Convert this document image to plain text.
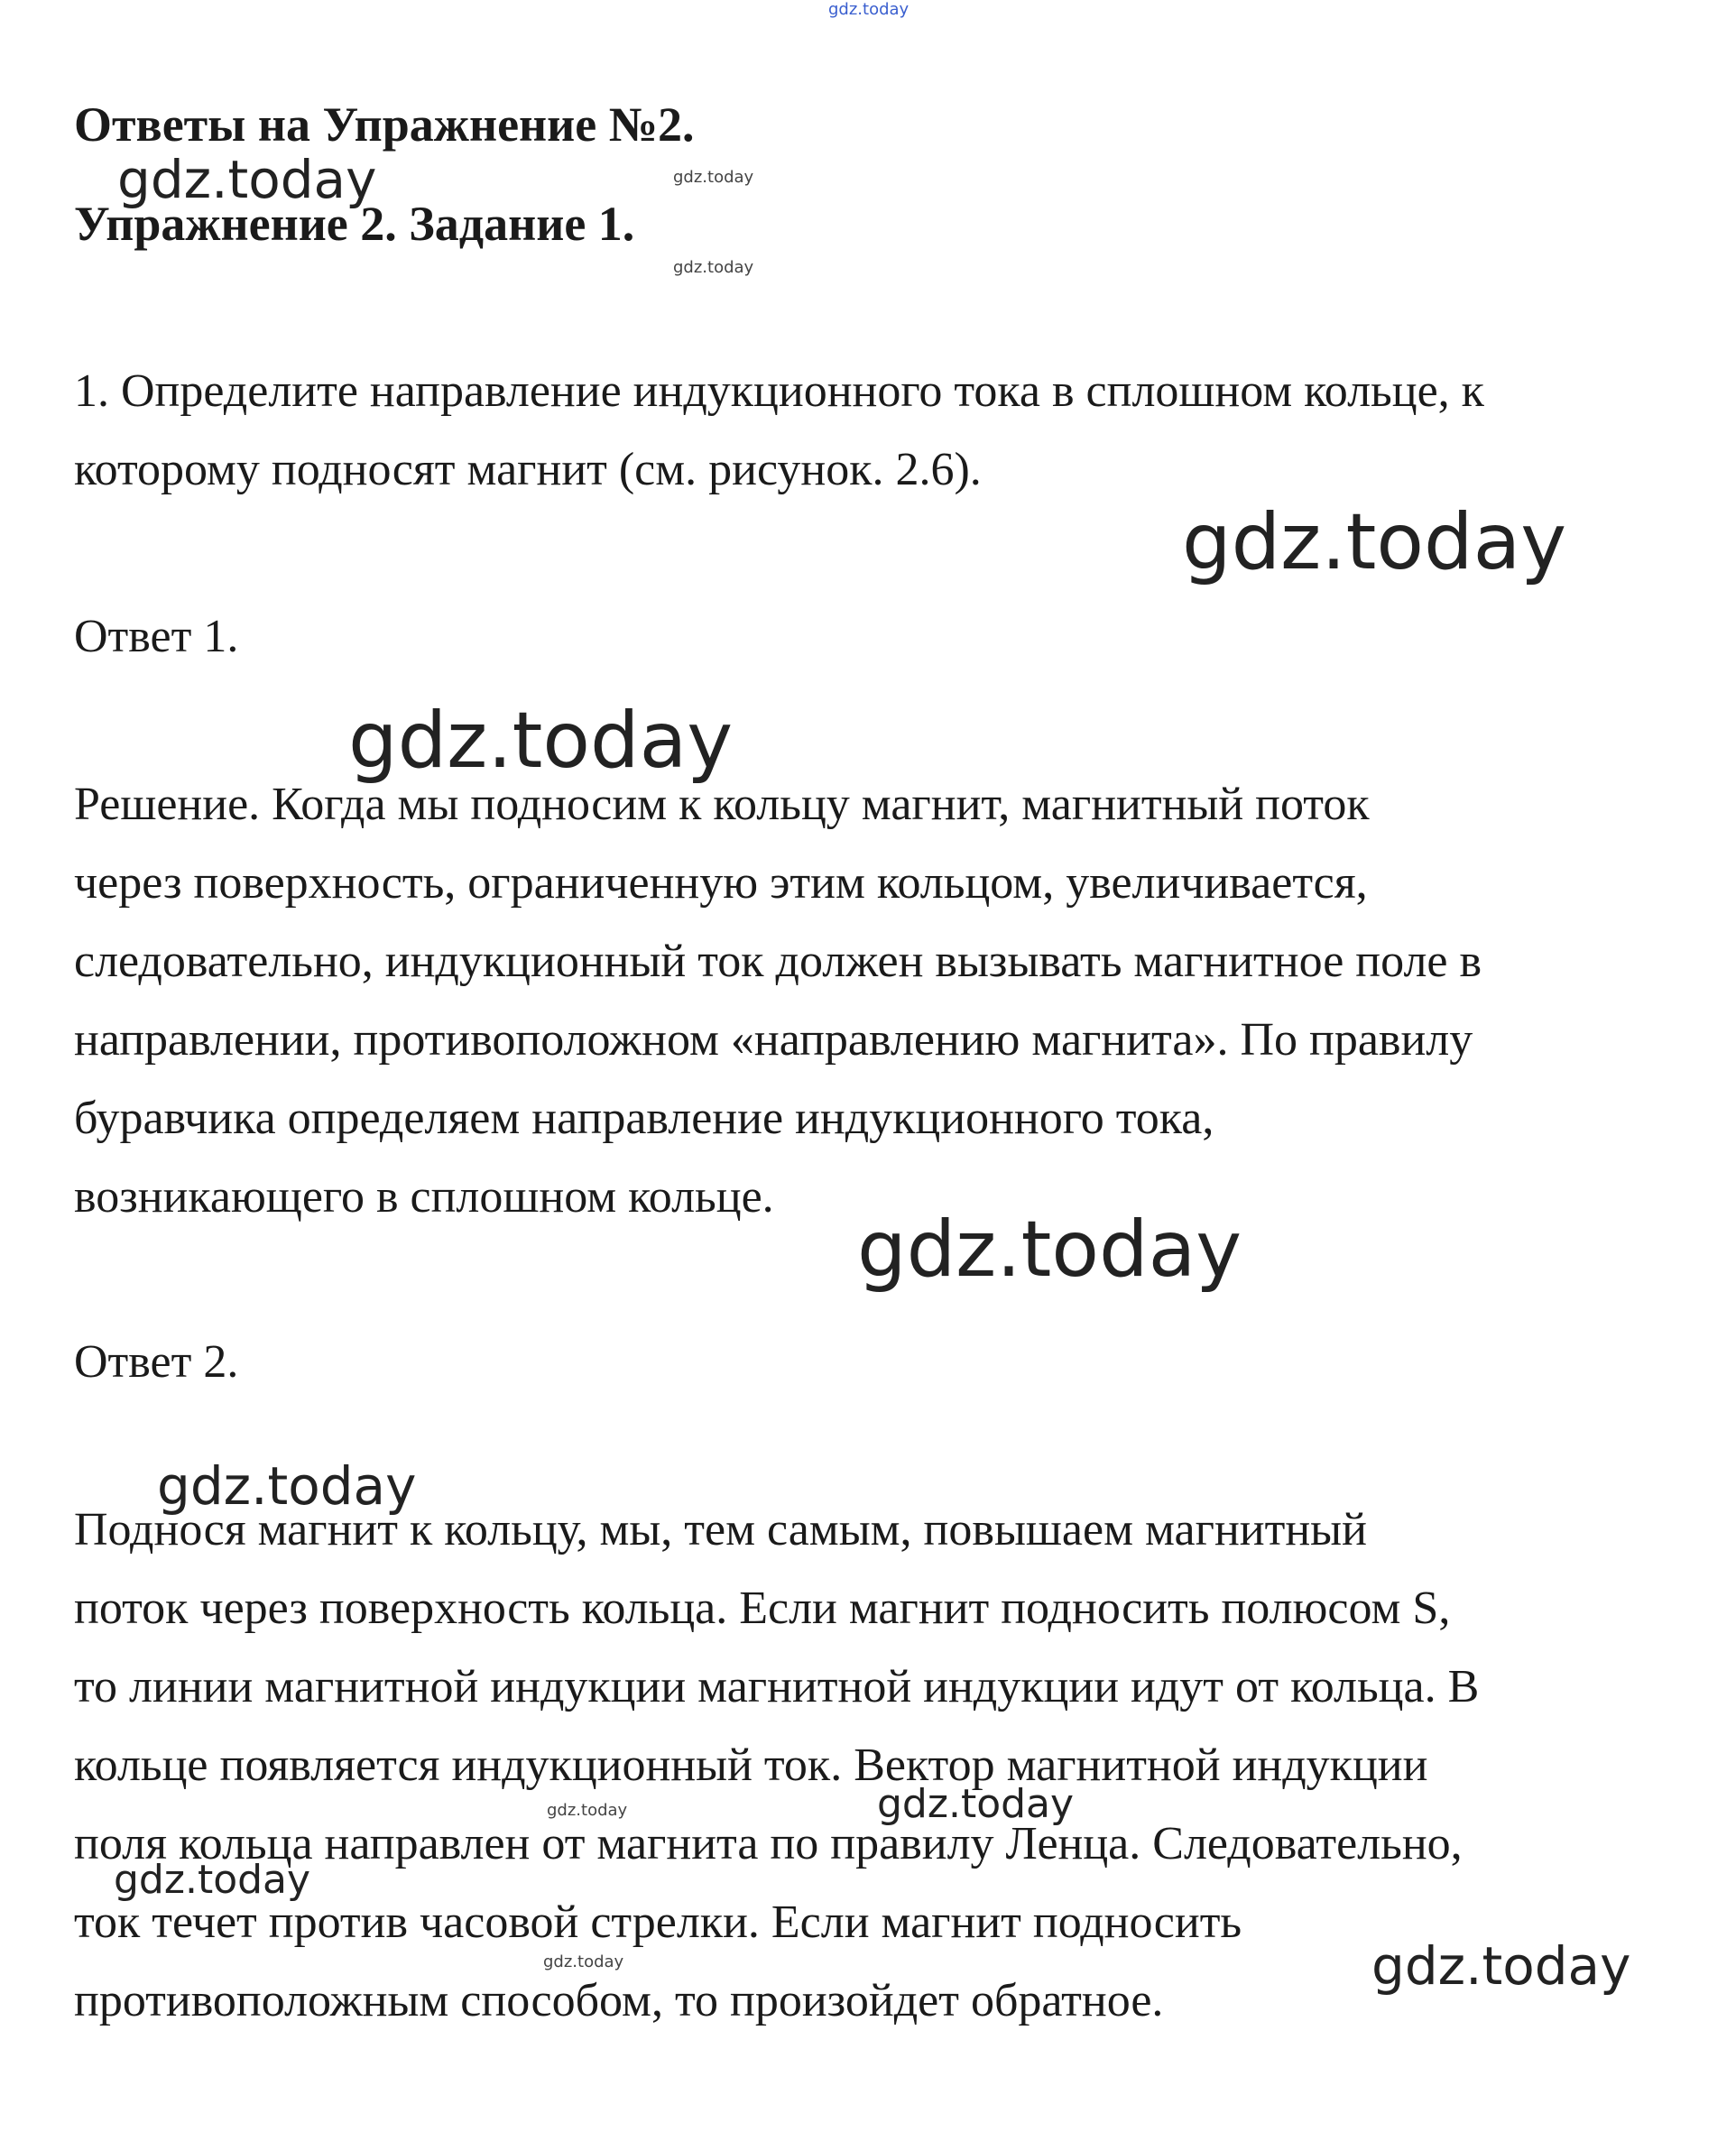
gdz.today
Ответы на Упражнение №2.
gdz.today	gdz.today
Упражнение 2. Задание 1.
gdz.today
1. Определите направление индукционного тока в сплошном кольце, к
которому подносят магнит (см. рисунок. 2.6).
gdz.today
Ответ 1.
gdz.today
Решение. Когда мы подносим к кольцу магнит, магнитный поток
через поверхность, ограниченную этим кольцом, увеличивается,
следовательно, индукционный ток должен вызывать магнитное поле в
направлении, противоположном «направлению магнита». По правилу
буравчика определяем направление индукционного тока,
возникающего в сплошном кольце.
gdz.today
Ответ 2.
gdz.today
Поднося магнит к кольцу, мы, тем самым, повышаем магнитный
поток через поверхность кольца. Если магнит подносить полюсом S,
то линии магнитной индукции магнитной индукции идут от кольца. В
кольце появляется индукционный ток. Вектор магнитной индукции
поля кольца направлен от магнита по правилу Ленца. Следовательно,
ток течет против часовой стрелки. Если магнит подносить
противоположным способом, то произойдет обратное.
gdz.today	gdz.today
gdz.today
gdz.today	gdz.today
